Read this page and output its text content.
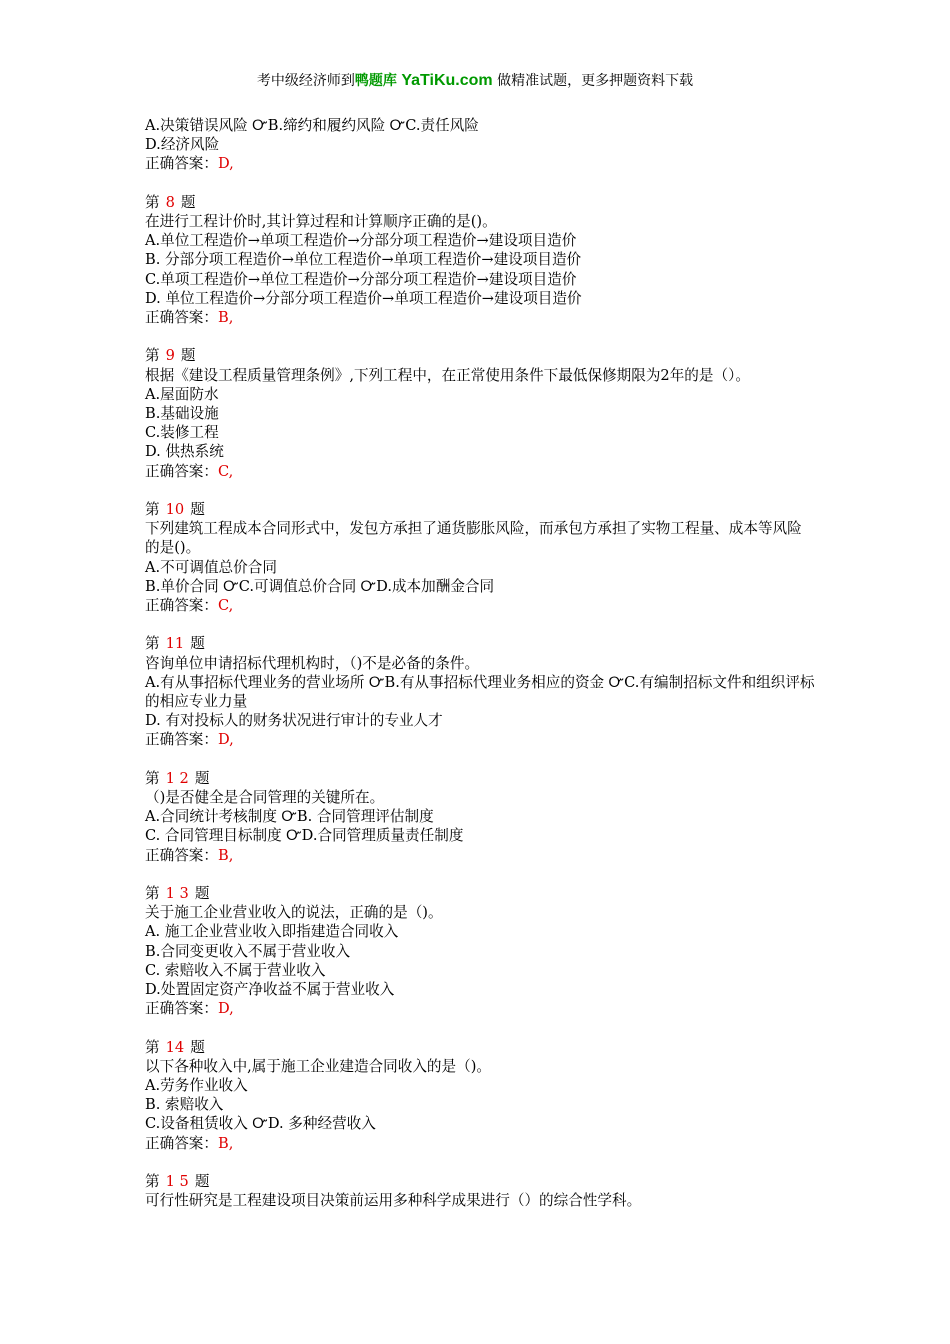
考中级经济师到鸭题库 YaTiKu.com 做精准试题，更多押题资料下载
A.决策错误风险 ﻿ᏅB.缔约和履约风险 ᏅC.责任风险
D.经济风险
正确答案：D,
第 8 题
在进行工程计价时,其计算过程和计算顺序正确的是()。
A.单位工程造价→单项工程造价→分部分项工程造价→建设项目造价
B. 分部分项工程造价→单位工程造价→单项工程造价→建设项目造价
C.单项工程造价→单位工程造价→分部分项工程造价→建设项目造价
D. 单位工程造价→分部分项工程造价→单项工程造价→建设项目造价
正确答案：B,
第 9 题
根据《建设工程质量管理条例》,下列工程中，在正常使用条件下最低保修期限为2年的是（）。
A.屋面防水
B.基础设施
C.装修工程
D. 供热系统
正确答案：C,
第 10 题
下列建筑工程成本合同形式中，发包方承担了通货膨胀风险，而承包方承担了实物工程量、成本等风险的是()。
A.不可调值总价合同
B.单价合同 ᏅC.可调值总价合同 ᏅD.成本加酬金合同
正确答案：C,
第 11 题
咨询单位申请招标代理机构时，（)不是必备的条件。
A.有从事招标代理业务的营业场所 ᏅB.有从事招标代理业务相应的资金 ᏅC.有编制招标文件和组织评标的相应专业力量
D. 有对投标人的财务状况进行审计的专业人才
正确答案：D,
第 1 2 题
（)是否健全是合同管理的关键所在。
A.合同统计考核制度 ᏅB. 合同管理评估制度
C. 合同管理目标制度 ᏅD.合同管理质量责任制度
正确答案：B,
第 1 3 题
关于施工企业营业收入的说法，正确的是（)。
A. 施工企业营业收入即指建造合同收入
B.合同变更收入不属于营业收入
C. 索赔收入不属于营业收入
D.处置固定资产净收益不属于营业收入
正确答案：D,
第 14 题
以下各种收入中,属于施工企业建造合同收入的是（)。
A.劳务作业收入
B. 索赔收入
C.设备租赁收入 ᏅD. 多种经营收入
正确答案：B,
第 1 5 题
可行性研究是工程建设项目决策前运用多种科学成果进行（）的综合性学科。
